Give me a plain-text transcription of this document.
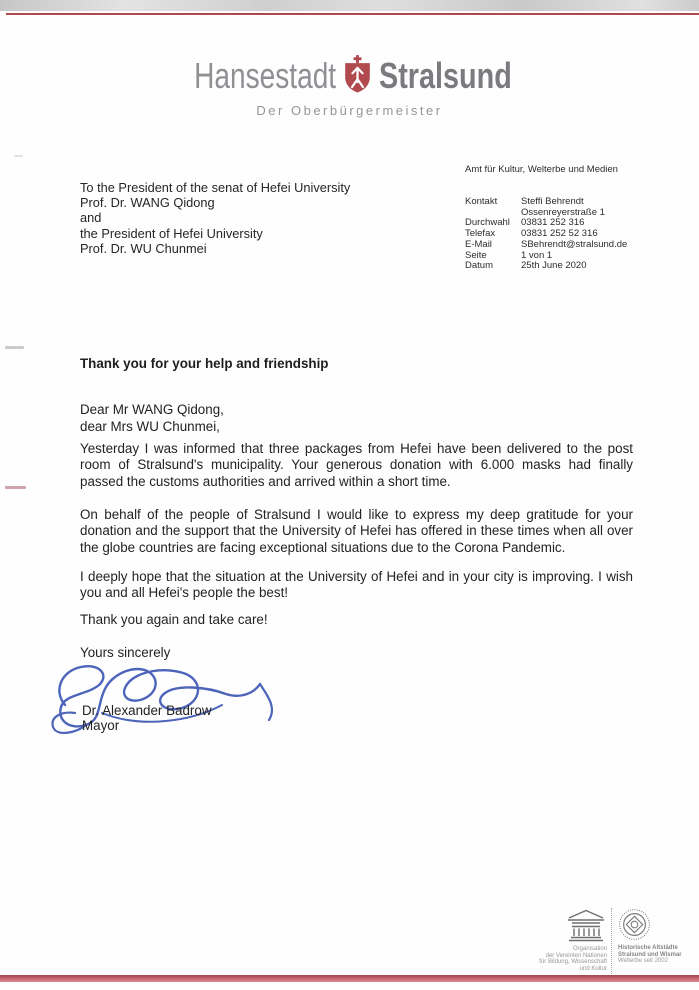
Hansestadt Stralsund
Der Oberbürgermeister
To the President of the senat of Hefei University
Prof. Dr. WANG Qidong
and
the President of Hefei University
Prof. Dr. WU Chunmei
Amt für Kultur, Welterbe und Medien
Kontakt	Steffi Behrendt
Ossenreyerstraße 1
Durchwahl	03831 252 316
Telefax	03831 252 52 316
E-Mail	SBehrendt@stralsund.de
Seite	1 von 1
Datum	25th June 2020
Thank you for your help and friendship
Dear Mr WANG Qidong,
dear Mrs WU Chunmei,

Yesterday I was informed that three packages from Hefei have been delivered to the post room of Stralsund's municipality. Your generous donation with 6.000 masks had finally passed the customs authorities and arrived within a short time.

On behalf of the people of Stralsund I would like to express my deep gratitude for your donation and the support that the University of Hefei has offered in these times when all over the globe countries are facing exceptional situations due to the Corona Pandemic.

I deeply hope that the situation at the University of Hefei and in your city is improving. I wish you and all Hefei's people the best!

Thank you again and take care!

Yours sincerely

Dr. Alexander Badrow
Mayor
Organisation
der Vereinten Nationen
für Bildung, Wissenschaft
und Kultur
Historische Altstädte
Stralsund und Wismar
Welterbe seit 2002
